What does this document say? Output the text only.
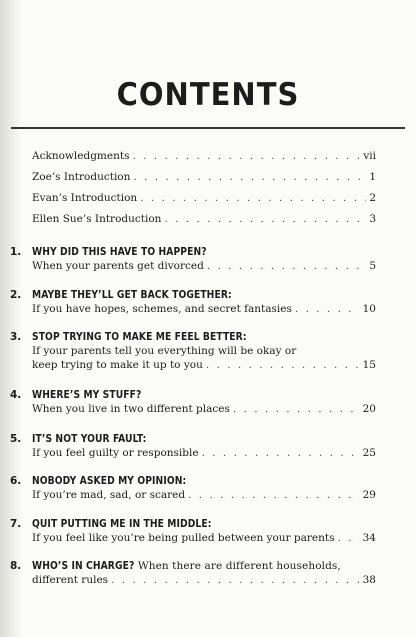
CONTENTS
Acknowledgments . . .	vii
Zoe’s Introduction . . .	1
Evan’s Introduction . . .	2
Ellen Sue’s Introduction . . .	3
1. WHY DID THIS HAVE TO HAPPEN?
When your parents get divorced . . .	5
2. MAYBE THEY’LL GET BACK TOGETHER:
If you have hopes, schemes, and secret fantasies . . .	10
3. STOP TRYING TO MAKE ME FEEL BETTER:
If your parents tell you everything will be okay or
keep trying to make it up to you . . .	15
4. WHERE’S MY STUFF?
When you live in two different places . . .	20
5. IT’S NOT YOUR FAULT:
If you feel guilty or responsible . . .	25
6. NOBODY ASKED MY OPINION:
If you’re mad, sad, or scared . . .	29
7. QUIT PUTTING ME IN THE MIDDLE:
If you feel like you’re being pulled between your parents . . .	34
8. WHO’S IN CHARGE? When there are different households,
different rules . . .	38
